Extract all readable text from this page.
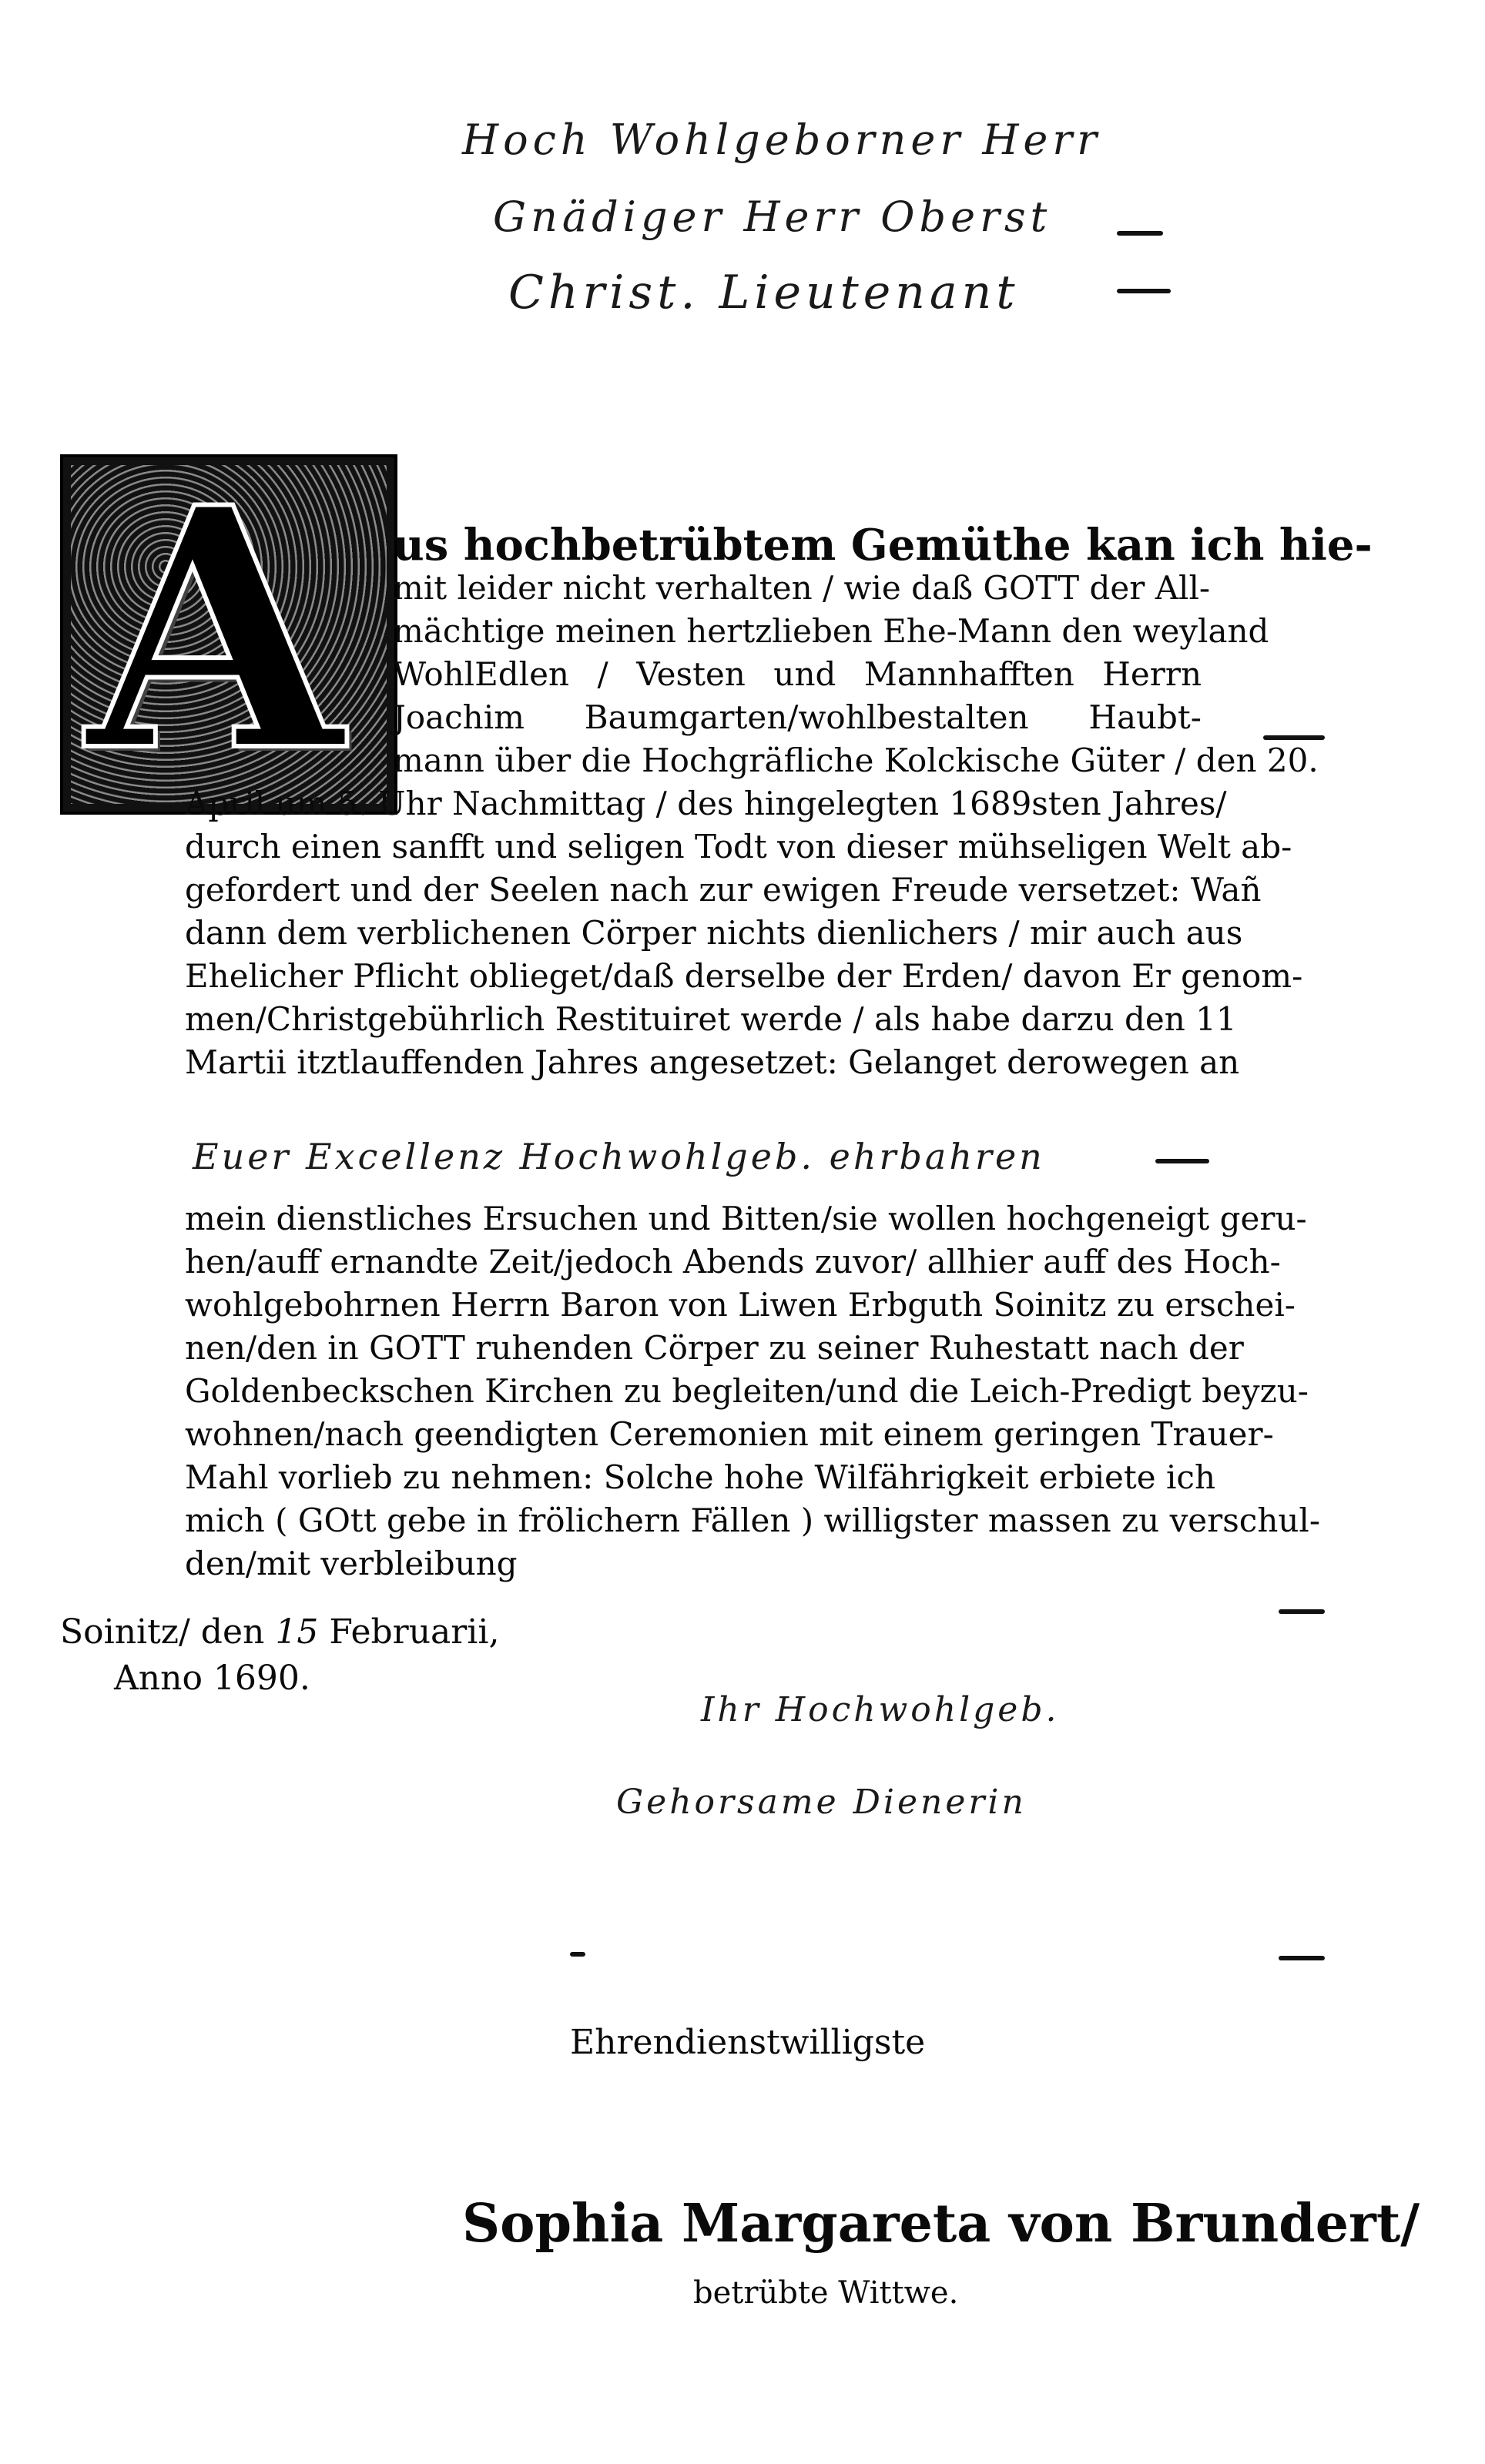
Hoch Wohlgeborner Herr
Gnädiger Herr Oberst
Christ. Lieutenant
A	us hochbetrübtem Gemüthe kan ich hie-
mit leider nicht verhalten / wie daß GOTT der All-
mächtige meinen hertzlieben Ehe-Mann den weyland
WohlEdlen / Vesten und Mannhafften Herrn
Joachim Baumgarten/wohlbestalten Haubt-
mann über die Hochgräfliche Kolckische Güter / den 20.
April um 5. Uhr Nachmittag / des hingelegten 1689sten Jahres/
durch einen sanfft und seligen Todt von dieser mühseligen Welt ab-
gefordert und der Seelen nach zur ewigen Freude versetzet: Wañ
dann dem verblichenen Cörper nichts dienlichers / mir auch aus
Ehelicher Pflicht oblieget/daß derselbe der Erden/ davon Er genom-
men/Christgebührlich Restituiret werde / als habe darzu den 11
Martii itztlauffenden Jahres angesetzet: Gelanget derowegen an
Euer Excellenz Hochwohlgeb. ehrbahren
mein dienstliches Ersuchen und Bitten/sie wollen hochgeneigt geru-
hen/auff ernandte Zeit/jedoch Abends zuvor/ allhier auff des Hoch-
wohlgebohrnen Herrn Baron von Liwen Erbguth Soinitz zu erschei-
nen/den in GOTT ruhenden Cörper zu seiner Ruhestatt nach der
Goldenbeckschen Kirchen zu begleiten/und die Leich-Predigt beyzu-
wohnen/nach geendigten Ceremonien mit einem geringen Trauer-
Mahl vorlieb zu nehmen: Solche hohe Wilfährigkeit erbiete ich
mich ( GOtt gebe in frölichern Fällen ) willigster massen zu verschul-
den/mit verbleibung
Soinitz/ den 15 Februarii,
Anno 1690.
Ihr Hochwohlgeb.
Gehorsame Dienerin
Ehrendienstwilligste
Sophia Margareta von Brundert/
betrübte Wittwe.
